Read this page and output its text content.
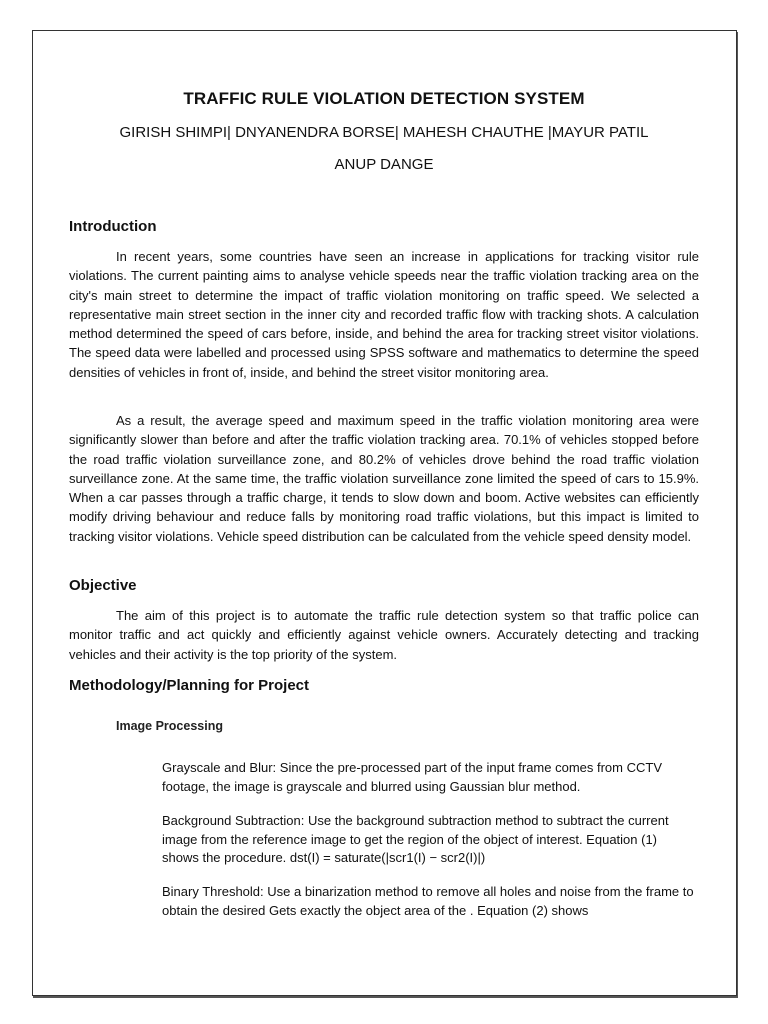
TRAFFIC RULE VIOLATION DETECTION SYSTEM
GIRISH SHIMPI| DNYANENDRA BORSE| MAHESH CHAUTHE |MAYUR PATIL
ANUP DANGE
Introduction

In recent years, some countries have seen an increase in applications for tracking visitor rule violations. The current painting aims to analyse vehicle speeds near the traffic violation tracking area on the city's main street to determine the impact of traffic violation monitoring on traffic speed. We selected a representative main street section in the inner city and recorded traffic flow with tracking shots. A calculation method determined the speed of cars before, inside, and behind the area for tracking street visitor violations. The speed data were labelled and processed using SPSS software and mathematics to determine the speed densities of vehicles in front of, inside, and behind the street visitor monitoring area.

As a result, the average speed and maximum speed in the traffic violation monitoring area were significantly slower than before and after the traffic violation tracking area. 70.1% of vehicles stopped before the road traffic violation surveillance zone, and 80.2% of vehicles drove behind the road traffic violation surveillance zone. At the same time, the traffic violation surveillance zone limited the speed of cars to 15.9%. When a car passes through a traffic charge, it tends to slow down and boom. Active websites can efficiently modify driving behaviour and reduce falls by monitoring road traffic violations, but this impact is limited to tracking visitor violations. Vehicle speed distribution can be calculated from the vehicle speed density model.

Objective

The aim of this project is to automate the traffic rule detection system so that traffic police can monitor traffic and act quickly and efficiently against vehicle owners. Accurately detecting and tracking vehicles and their activity is the top priority of the system.

Methodology/Planning for Project
Image Processing

Grayscale and Blur: Since the pre-processed part of the input frame comes from CCTV footage, the image is grayscale and blurred using Gaussian blur method.

Background Subtraction: Use the background subtraction method to subtract the current image from the reference image to get the region of the object of interest. Equation (1) shows the procedure. dst(I) = saturate(|scr1(I) − scr2(I)|)

Binary Threshold: Use a binarization method to remove all holes and noise from the frame to obtain the desired Gets exactly the object area of the . Equation (2) shows
